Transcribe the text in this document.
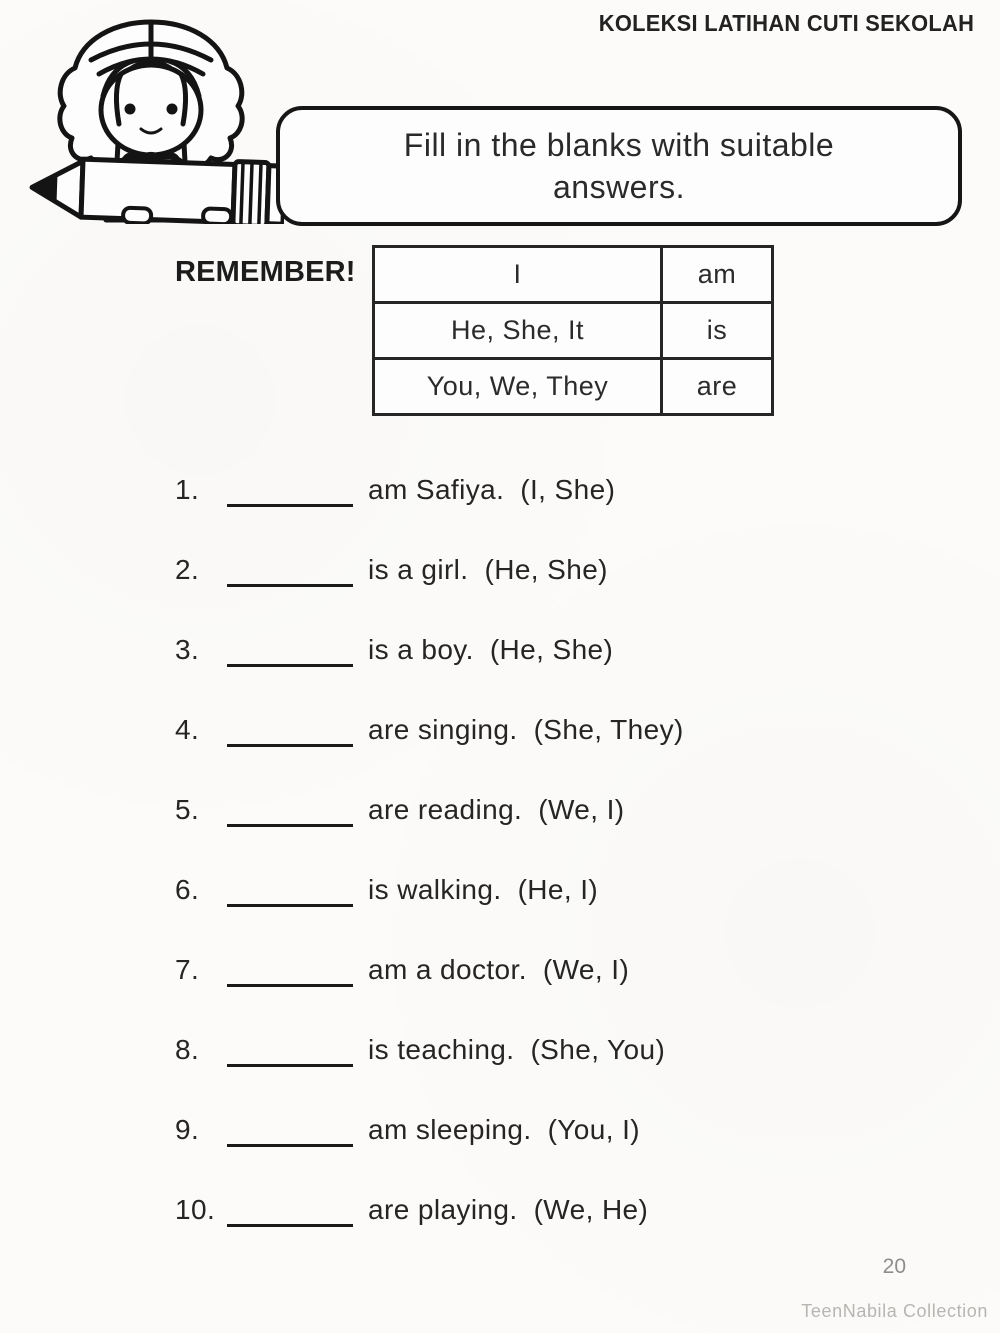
KOLEKSI LATIHAN CUTI SEKOLAH
Fill in the blanks with suitable
answers.
REMEMBER!	I	am
He, She, It	is
You, We, They	are
1.	am Safiya. (I, She)
2.	is a girl. (He, She)
3.	is a boy. (He, She)
4.	are singing. (She, They)
5.	are reading. (We, I)
6.	is walking. (He, I)
7.	am a doctor. (We, I)
8.	is teaching. (She, You)
9.	am sleeping. (You, I)
10.	are playing. (We, He)
20
TeenNabila Collection
